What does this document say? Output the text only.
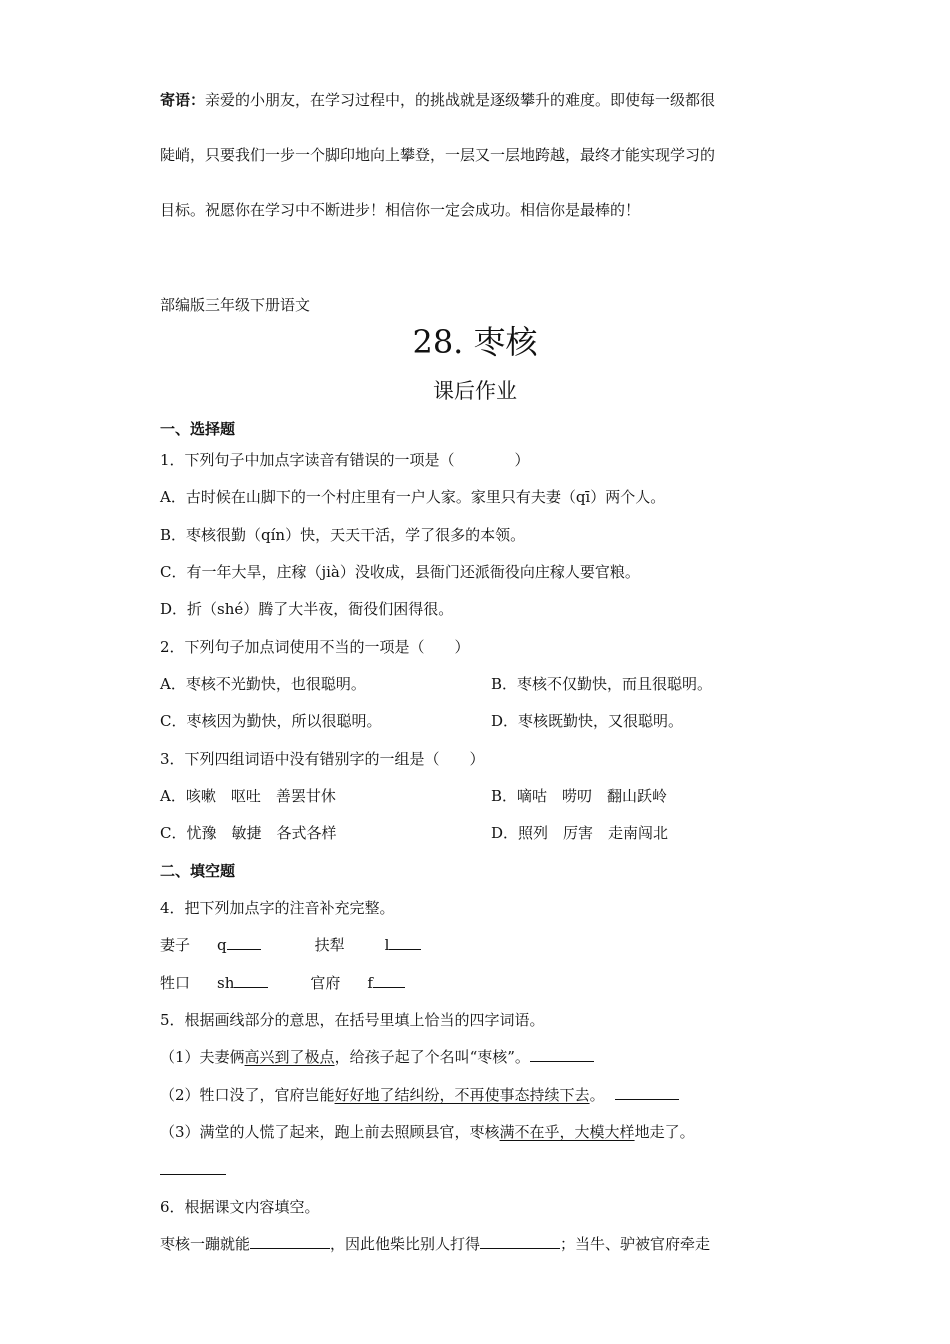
寄语：亲爱的小朋友，在学习过程中，的挑战就是逐级攀升的难度。即使每一级都很
陡峭，只要我们一步一个脚印地向上攀登，一层又一层地跨越，最终才能实现学习的
目标。祝愿你在学习中不断进步！相信你一定会成功。相信你是最棒的！
部编版三年级下册语文
28. 枣核
课后作业
一、选择题
1．下列句子中加点字读音有错误的一项是（　　　　）
A．古时候在山脚下的一个村庄里有一户人家。家里只有夫妻（qī）两个人。
B．枣核很勤（qín）快，天天干活，学了很多的本领。
C．有一年大旱，庄稼（jià）没收成，县衙门还派衙役向庄稼人要官粮。
D．折（shé）腾了大半夜，衙役们困得很。
2．下列句子加点词使用不当的一项是（　　）
A．枣核不光勤快，也很聪明。	B．枣核不仅勤快，而且很聪明。
C．枣核因为勤快，所以很聪明。	D．枣核既勤快，又很聪明。
3．下列四组词语中没有错别字的一组是（　　）
A．咳嗽　呕吐　善罢甘休	B．嘀咕　唠叨　翻山跃岭
C．忧豫　敏捷　各式各样	D．照列　厉害　走南闯北
二、填空题
4．把下列加点字的注音补充完整。
妻子 q	扶犁	l
牲口 sh	官府 f
5．根据画线部分的意思，在括号里填上恰当的四字词语。
（1）夫妻俩高兴到了极点，给孩子起了个名叫“枣核”。
（2）牲口没了，官府岂能好好地了结纠纷，不再使事态持续下去。
（3）满堂的人慌了起来，跑上前去照顾县官，枣核满不在乎，大模大样地走了。
6．根据课文内容填空。
枣核一蹦就能	，因此他柴比别人打得	；当牛、驴被官府牵走
